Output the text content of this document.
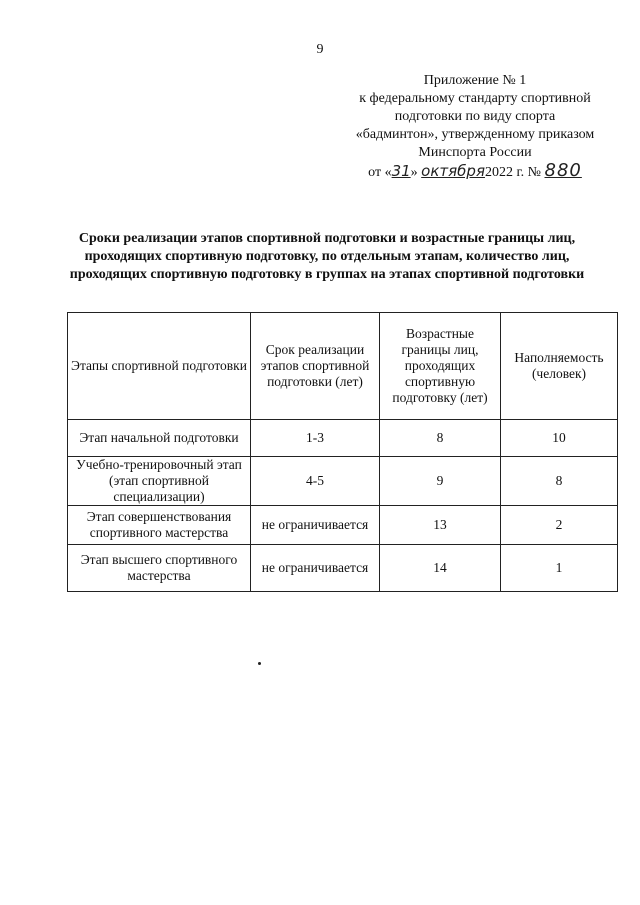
9
Приложение № 1
к федеральному стандарту спортивной
подготовки по виду спорта
«бадминтон», утвержденному приказом
Минспорта России
от «31» октября2022 г. № 880
Сроки реализации этапов спортивной подготовки и возрастные границы лиц, проходящих спортивную подготовку, по отдельным этапам, количество лиц, проходящих спортивную подготовку в группах на этапах спортивной подготовки
Этапы спортивной подготовки	Срок реализации этапов спортивной подготовки (лет)	Возрастные границы лиц, проходящих спортивную подготовку (лет)	Наполняемость (человек)
Этап начальной подготовки	1-3	8	10
Учебно-тренировочный этап (этап спортивной специализации)	4-5	9	8
Этап совершенствования спортивного мастерства	не ограничивается	13	2
Этап высшего спортивного мастерства	не ограничивается	14	1
